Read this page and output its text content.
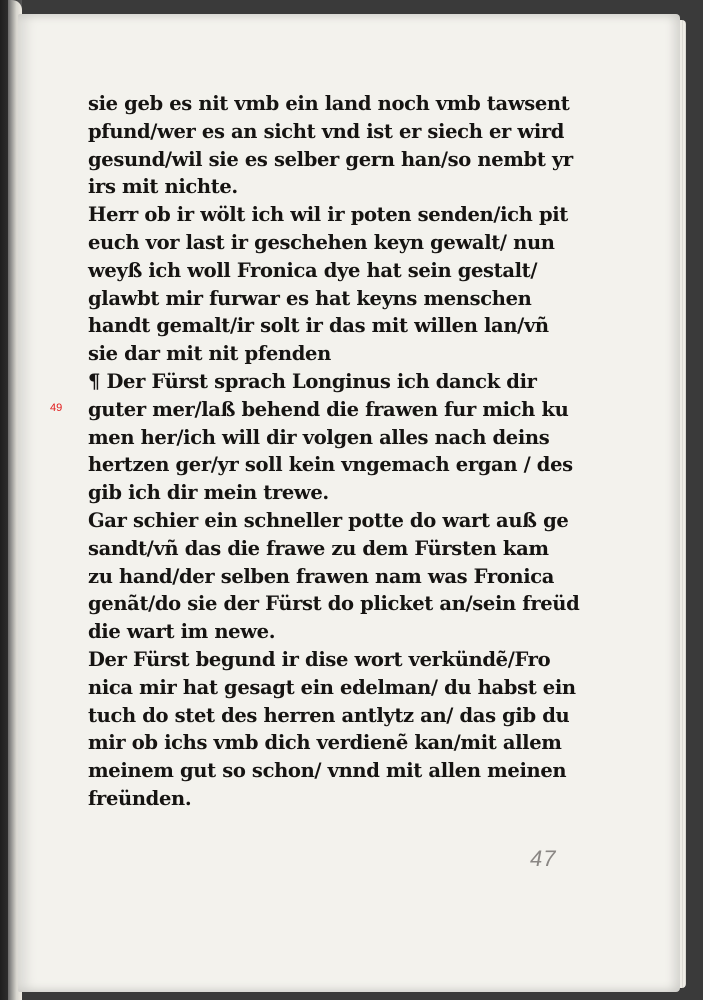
49
sie geb es nit vmb ein land noch vmb tawsent
pfund/wer es an sicht vnd ist er siech er wird
gesund/wil sie es selber gern han/so nembt yr
irs mit nichte.
Herr ob ir wölt ich wil ir poten senden/ich pit
euch vor last ir geschehen keyn gewalt/ nun
weyß ich woll Fronica dye hat sein gestalt/
glawbt mir furwar es hat keyns menschen
handt gemalt/ir solt ir das mit willen lan/vñ
sie dar mit nit pfenden
¶ Der Fürst sprach Longinus ich danck dir
guter mer/laß behend die frawen fur mich ku
men her/ich will dir volgen alles nach deins
hertzen ger/yr soll kein vngemach ergan / des
gib ich dir mein trewe.
Gar schier ein schneller potte do wart auß ge
sandt/vñ das die frawe zu dem Fürsten kam
zu hand/der selben frawen nam was Fronica
genãt/do sie der Fürst do plicket an/sein freüd
die wart im newe.
Der Fürst begund ir dise wort verkündẽ/Fro
nica mir hat gesagt ein edelman/ du habst ein
tuch do stet des herren antlytz an/ das gib du
mir ob ichs vmb dich verdienẽ kan/mit allem
meinem gut so schon/ vnnd mit allen meinen
freünden.
47
